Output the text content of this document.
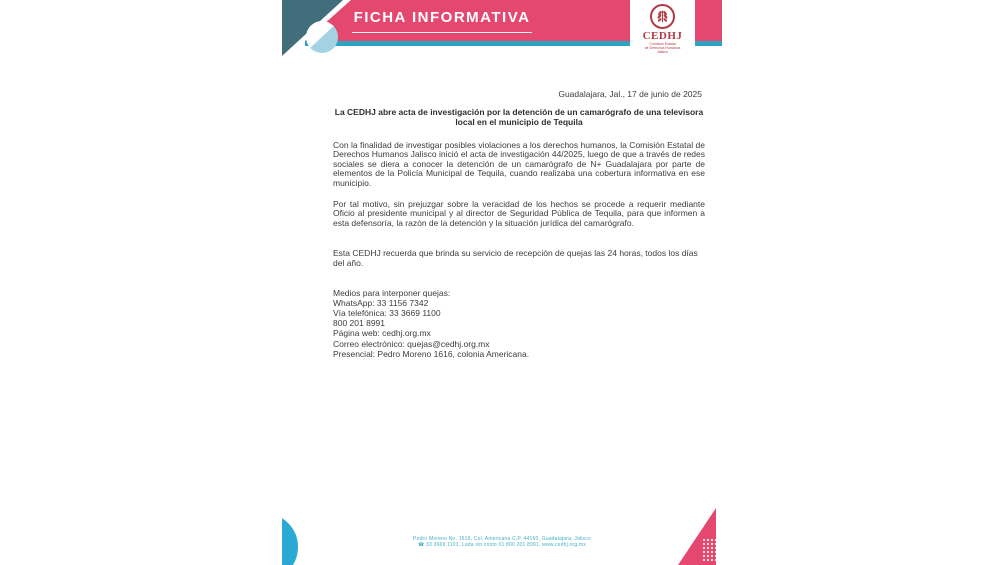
FICHA INFORMATIVA
CEDHJ
Comisión Estatal
de Derechos Humanos
Jalisco
Guadalajara, Jal., 17 de junio de 2025
La CEDHJ abre acta de investigación por la detención de un camarógrafo de una televisora local en el municipio de Tequila
Con la finalidad de investigar posibles violaciones a los derechos humanos, la Comisión Estatal de Derechos Humanos Jalisco inició el acta de investigación 44/2025, luego de que a través de redes sociales se diera a conocer la detención de un camarógrafo de N+ Guadalajara por parte de elementos de la Policía Municipal de Tequila, cuando realizaba una cobertura informativa en ese municipio.
Por tal motivo, sin prejuzgar sobre la veracidad de los hechos se procede a requerir mediante Oficio al presidente municipal y al director de Seguridad Pública de Tequila, para que informen a esta defensoría, la razón de la detención y la situación jurídica del camarógrafo.
Esta CEDHJ recuerda que brinda su servicio de recepción de quejas las 24 horas, todos los días del año.
Medios para interponer quejas:
WhatsApp: 33 1156 7342
Vía telefónica: 33 3669 1100
800 201 8991
Página web: cedhj.org.mx
Correo electrónico: quejas@cedhj.org.mx
Presencial: Pedro Moreno 1616, colonia Americana.
Pedro Moreno No. 1616, Col. Americana C.P. 44160, Guadalajara, Jalisco
☎ 33 3669 1101, Lada sin costo 01 800 201 8991, www.cedhj.org.mx
